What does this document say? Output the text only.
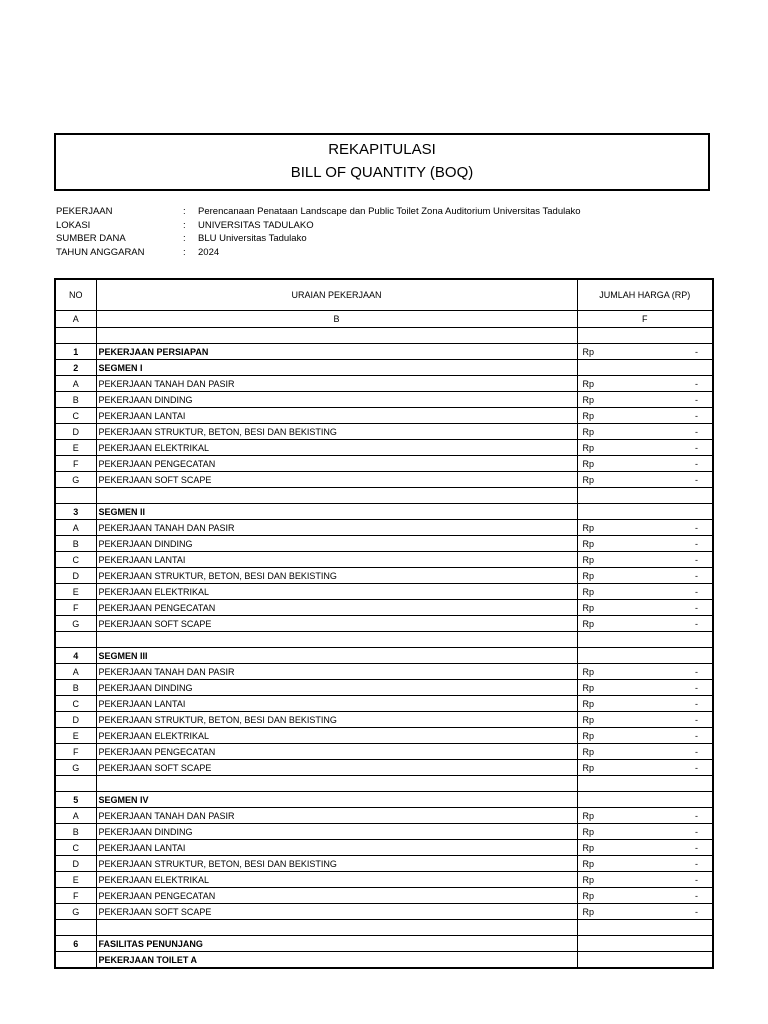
REKAPITULASI
BILL OF QUANTITY (BOQ)
PEKERJAAN	:	Perencanaan Penataan Landscape dan Public Toilet Zona Auditorium Universitas Tadulako
LOKASI	:	UNIVERSITAS TADULAKO
SUMBER DANA	:	BLU Universitas Tadulako
TAHUN ANGGARAN	:	2024
NO	URAIAN PEKERJAAN	JUMLAH HARGA (RP)
A	B	F

1	PEKERJAAN PERSIAPAN	Rp -

2	SEGMEN I	

A	PEKERJAAN TANAH DAN PASIR	Rp -

B	PEKERJAAN DINDING	Rp -

C	PEKERJAAN LANTAI	Rp -

D	PEKERJAAN STRUKTUR, BETON, BESI DAN BEKISTING	Rp -

E	PEKERJAAN ELEKTRIKAL	Rp -

F	PEKERJAAN PENGECATAN	Rp -

G	PEKERJAAN SOFT SCAPE	Rp -

3	SEGMEN II	

A	PEKERJAAN TANAH DAN PASIR	Rp -

B	PEKERJAAN DINDING	Rp -

C	PEKERJAAN LANTAI	Rp -

D	PEKERJAAN STRUKTUR, BETON, BESI DAN BEKISTING	Rp -

E	PEKERJAAN ELEKTRIKAL	Rp -

F	PEKERJAAN PENGECATAN	Rp -

G	PEKERJAAN SOFT SCAPE	Rp -

4	SEGMEN III	

A	PEKERJAAN TANAH DAN PASIR	Rp -

B	PEKERJAAN DINDING	Rp -

C	PEKERJAAN LANTAI	Rp -

D	PEKERJAAN STRUKTUR, BETON, BESI DAN BEKISTING	Rp -

E	PEKERJAAN ELEKTRIKAL	Rp -

F	PEKERJAAN PENGECATAN	Rp -

G	PEKERJAAN SOFT SCAPE	Rp -

5	SEGMEN IV	

A	PEKERJAAN TANAH DAN PASIR	Rp -

B	PEKERJAAN DINDING	Rp -

C	PEKERJAAN LANTAI	Rp -

D	PEKERJAAN STRUKTUR, BETON, BESI DAN BEKISTING	Rp -

E	PEKERJAAN ELEKTRIKAL	Rp -

F	PEKERJAAN PENGECATAN	Rp -

G	PEKERJAAN SOFT SCAPE	Rp -

6	FASILITAS PENUNJANG	

	PEKERJAAN TOILET A	
